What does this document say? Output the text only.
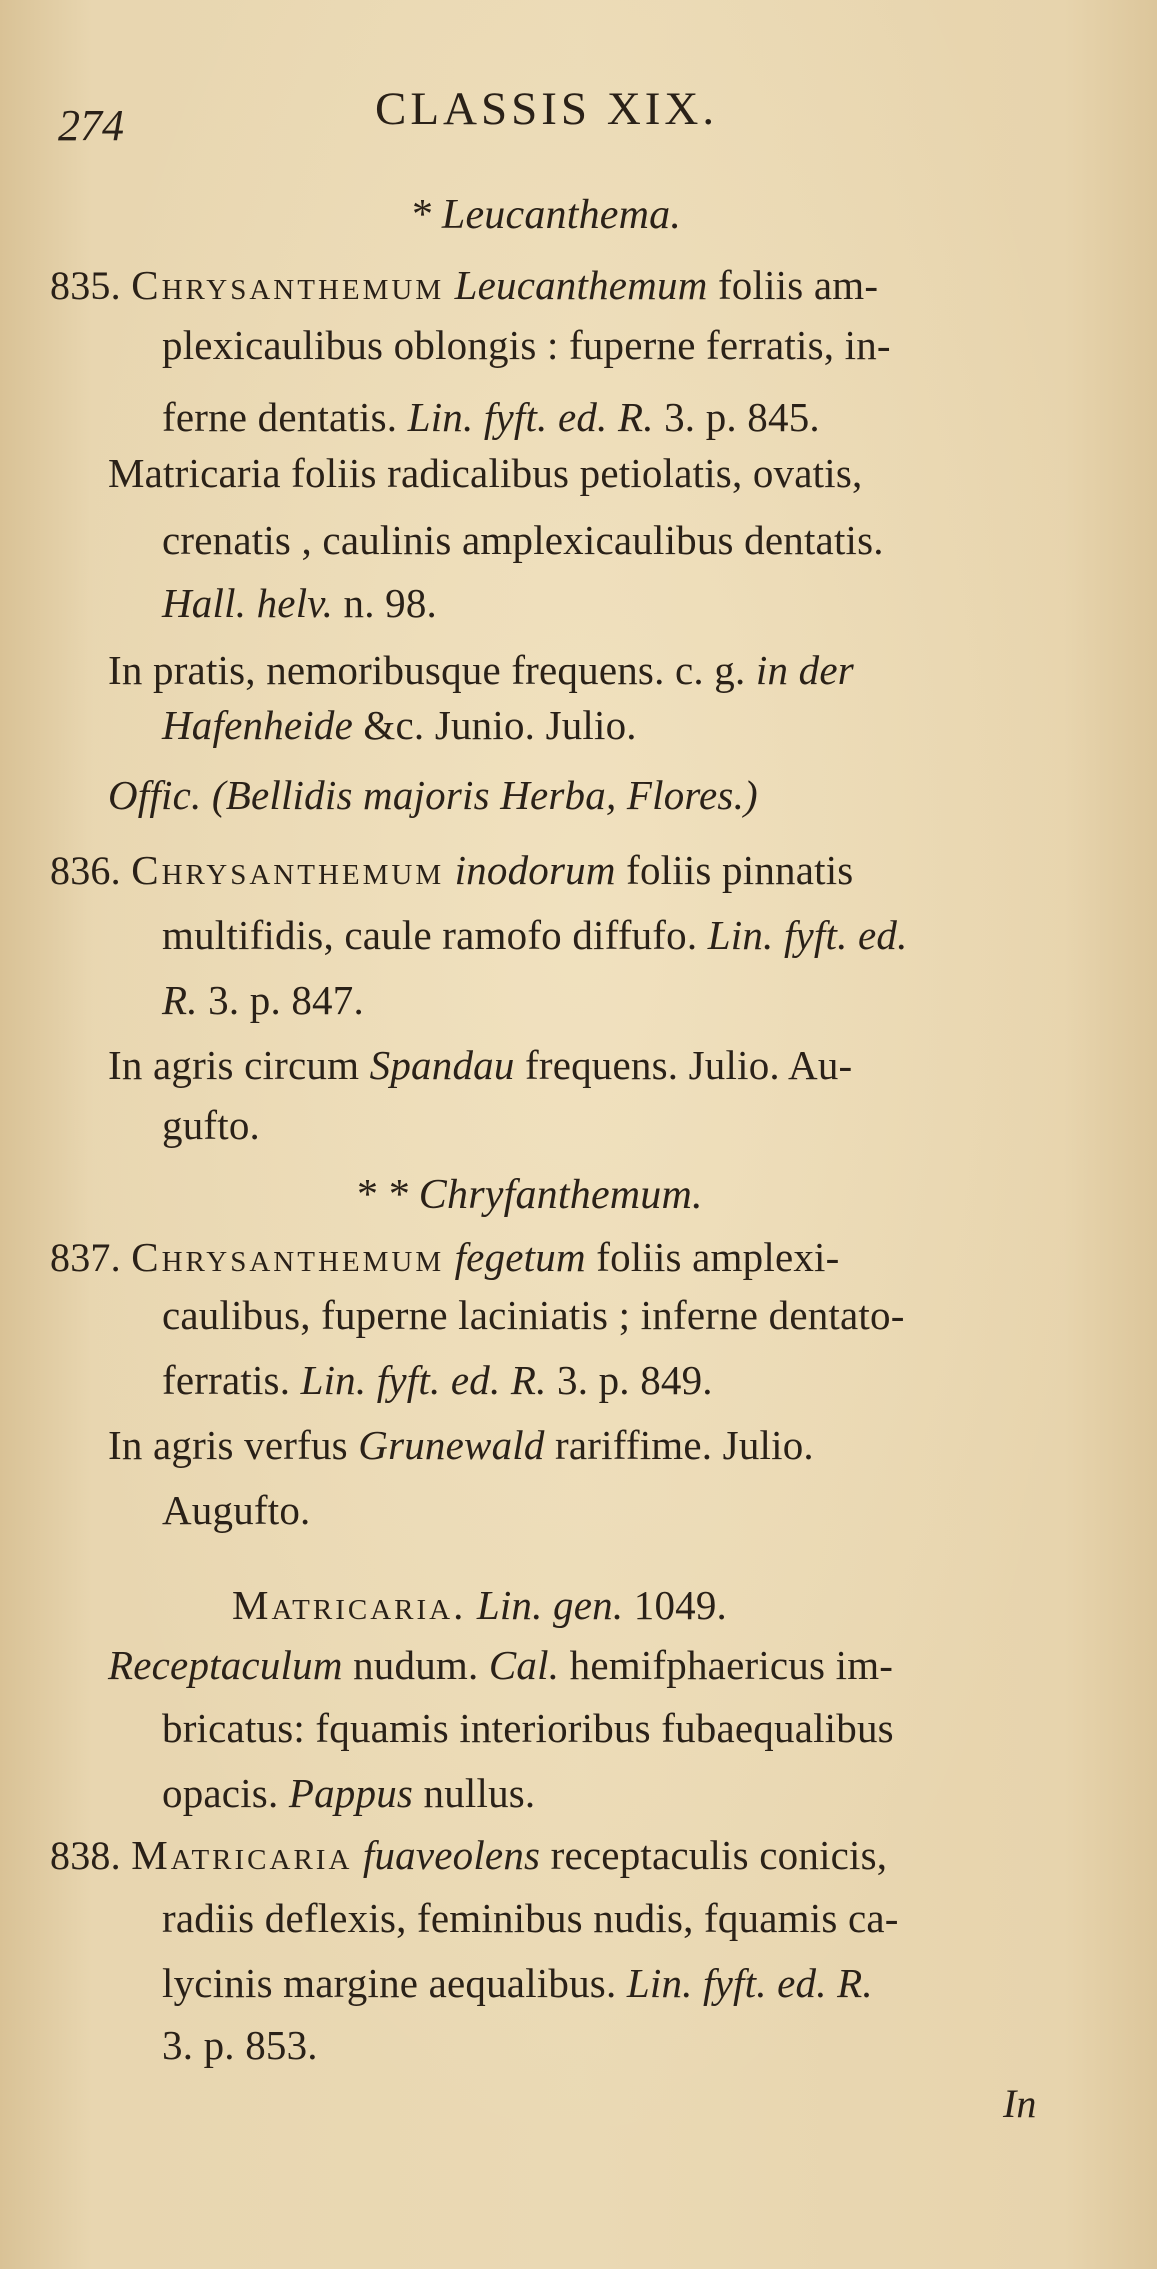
274	CLASSIS XIX.
* Leucanthema.
835. Chrysanthemum Leucanthemum foliis am-
plexicaulibus oblongis : fuperne ferratis, in-
ferne dentatis. Lin. fyft. ed. R. 3. p. 845.
Matricaria foliis radicalibus petiolatis, ovatis,
crenatis , caulinis amplexicaulibus dentatis.
Hall. helv. n. 98.
In pratis, nemoribusque frequens. c. g. in der
Hafenheide &c. Junio. Julio.
Offic. (Bellidis majoris Herba, Flores.)
836. Chrysanthemum inodorum foliis pinnatis
multifidis, caule ramofo diffufo. Lin. fyft. ed.
R. 3. p. 847.
In agris circum Spandau frequens. Julio. Au-
gufto.
* * Chryfanthemum.
837. Chrysanthemum fegetum foliis amplexi-
caulibus, fuperne laciniatis ; inferne dentato-
ferratis. Lin. fyft. ed. R. 3. p. 849.
In agris verfus Grunewald rariffime. Julio.
Augufto.
Matricaria. Lin. gen. 1049.
Receptaculum nudum. Cal. hemifphaericus im-
bricatus: fquamis interioribus fubaequalibus
opacis. Pappus nullus.
838. Matricaria fuaveolens receptaculis conicis,
radiis deflexis, feminibus nudis, fquamis ca-
lycinis margine aequalibus. Lin. fyft. ed. R.
3. p. 853.
In
